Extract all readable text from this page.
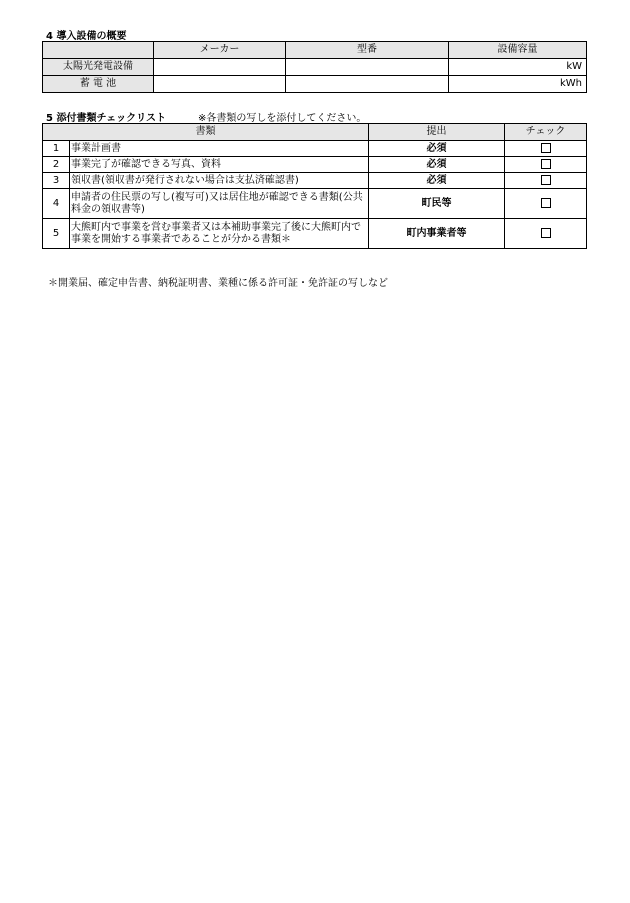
4 導入設備の概要
	メーカー	型番	設備容量
太陽光発電設備			kW
蓄 電 池			kWh
5 添付書類チェックリスト	※各書類の写しを添付してください。
書類		提出	チェック
1	事業計画書	必須	
2	事業完了が確認できる写真、資料	必須	
3	領収書(領収書が発行されない場合は支払済確認書)	必須	
4	申請者の住民票の写し(複写可)又は居住地が確認できる書類(公共料金の領収書等)	町民等	
5	大熊町内で事業を営む事業者又は本補助事業完了後に大熊町内で事業を開始する事業者であることが分かる書類＊	町内事業者等	
＊開業届、確定申告書、納税証明書、業種に係る許可証・免許証の写しなど
